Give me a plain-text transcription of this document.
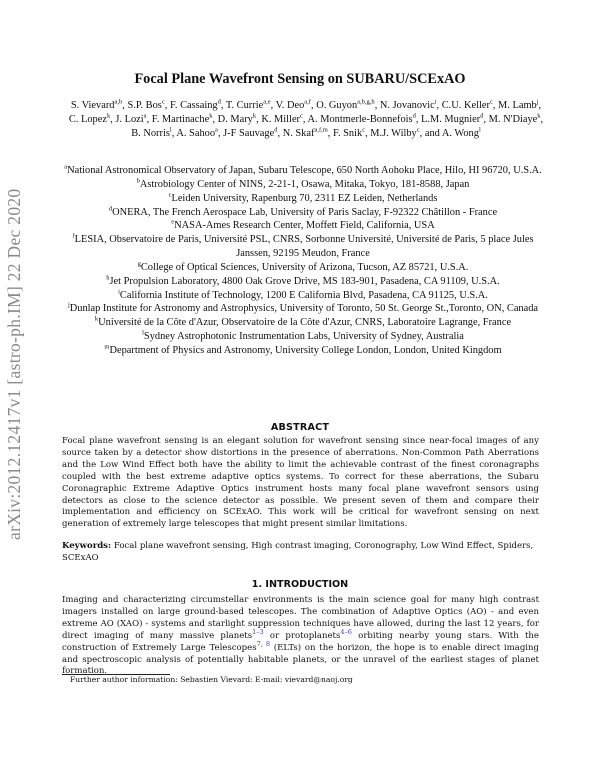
arXiv:2012.12417v1 [astro-ph.IM] 22 Dec 2020
Focal Plane Wavefront Sensing on SUBARU/SCExAO
S. Vievard$^{a,b}$, S.P. Bos$^c$, F. Cassaing$^d$, T. Currie$^{a,e}$, V. Deo$^{a,f}$, O. Guyon$^{a,b,g,h}$, N. Jovanovic$^i$, C.U. Keller$^c$, M. Lamb$^j$, C. Lopez$^k$, J. Lozi$^a$, F. Martinache$^k$, D. Mary$^k$, K. Miller$^c$, A. Montmerle-Bonnefois$^d$, L.M. Mugnier$^d$, M. N'Diaye$^k$, B. Norris$^l$, A. Sahoo$^a$, J-F Sauvage$^d$, N. Skaf$^{a,f,m}$, F. Snik$^c$, M.J. Wilby$^c$, and A. Wong$^l$
$^a$National Astronomical Observatory of Japan, Subaru Telescope, 650 North Aohoku Place, Hilo, HI 96720, U.S.A.
$^b$Astrobiology Center of NINS, 2-21-1, Osawa, Mitaka, Tokyo, 181-8588, Japan
$^c$Leiden University, Rapenburg 70, 2311 EZ Leiden, Netherlands
$^d$ONERA, The French Aerospace Lab, University of Paris Saclay, F-92322 Châtillon - France
$^e$NASA-Ames Research Center, Moffett Field, California, USA
$^f$LESIA, Observatoire de Paris, Université PSL, CNRS, Sorbonne Université, Université de Paris, 5 place Jules Janssen, 92195 Meudon, France
$^g$College of Optical Sciences, University of Arizona, Tucson, AZ 85721, U.S.A.
$^h$Jet Propulsion Laboratory, 4800 Oak Grove Drive, MS 183-901, Pasadena, CA 91109, U.S.A.
$^i$California Institute of Technology, 1200 E California Blvd, Pasadena, CA 91125, U.S.A.
$^j$Dunlap Institute for Astronomy and Astrophysics, University of Toronto, 50 St. George St.,Toronto, ON, Canada
$^k$Université de la Côte d'Azur, Observatoire de la Côte d'Azur, CNRS, Laboratoire Lagrange, France
$^l$Sydney Astrophotonic Instrumentation Labs, University of Sydney, Australia
$^m$Department of Physics and Astronomy, University College London, London, United Kingdom
ABSTRACT
Focal plane wavefront sensing is an elegant solution for wavefront sensing since near-focal images of any source taken by a detector show distortions in the presence of aberrations. Non-Common Path Aberrations and the Low Wind Effect both have the ability to limit the achievable contrast of the finest coronagraphs coupled with the best extreme adaptive optics systems. To correct for these aberrations, the Subaru Coronagraphic Extreme Adaptive Optics instrument hosts many focal plane wavefront sensors using detectors as close to the science detector as possible. We present seven of them and compare their implementation and efficiency on SCExAO. This work will be critical for wavefront sensing on next generation of extremely large telescopes that might present similar limitations.
Keywords: Focal plane wavefront sensing, High contrast imaging, Coronography, Low Wind Effect, Spiders, SCExAO
1. INTRODUCTION
Imaging and characterizing circumstellar environments is the main science goal for many high contrast imagers installed on large ground-based telescopes. The combination of Adaptive Optics (AO) - and even extreme AO (XAO) - systems and starlight suppression techniques have allowed, during the last 12 years, for direct imaging of many massive planets$^{1-3}$ or protoplanets$^{4-6}$ orbiting nearby young stars. With the construction of Extremely Large Telescopes$^{7, 8}$ (ELTs) on the horizon, the hope is to enable direct imaging and spectroscopic analysis of potentially habitable planets, or the unravel of the earliest stages of planet formation.
Further author information: Sebastien Vievard: E-mail: vievard@naoj.org
